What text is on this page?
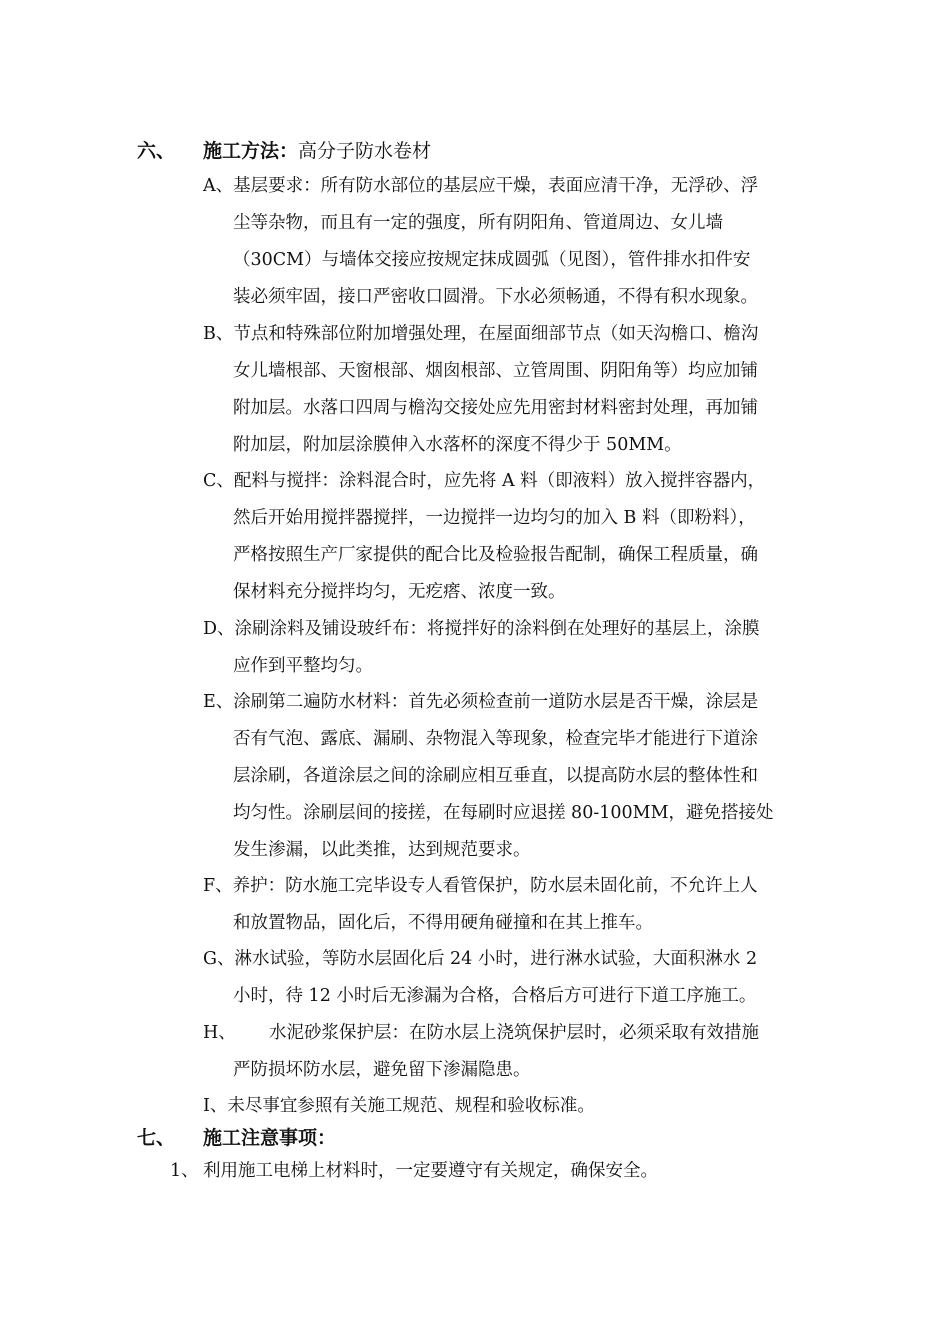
六、 施工方法：高分子防水卷材
A、基层要求：所有防水部位的基层应干燥，表面应清干净，无浮砂、浮
尘等杂物，而且有一定的强度，所有阴阳角、管道周边、女儿墙
（30CM）与墙体交接应按规定抹成圆弧（见图），管件排水扣件安
装必须牢固，接口严密收口圆滑。下水必须畅通，不得有积水现象。
B、节点和特殊部位附加增强处理，在屋面细部节点（如天沟檐口、檐沟
女儿墙根部、天窗根部、烟囱根部、立管周围、阴阳角等）均应加铺
附加层。水落口四周与檐沟交接处应先用密封材料密封处理，再加铺
附加层，附加层涂膜伸入水落杯的深度不得少于 50MM。
C、配料与搅拌：涂料混合时，应先将 A 料（即液料）放入搅拌容器内，
然后开始用搅拌器搅拌，一边搅拌一边均匀的加入 B 料（即粉料），
严格按照生产厂家提供的配合比及检验报告配制，确保工程质量，确
保材料充分搅拌均匀，无疙瘩、浓度一致。
D、涂刷涂料及铺设玻纤布：将搅拌好的涂料倒在处理好的基层上，涂膜
应作到平整均匀。
E、涂刷第二遍防水材料：首先必须检查前一道防水层是否干燥，涂层是
否有气泡、露底、漏刷、杂物混入等现象，检查完毕才能进行下道涂
层涂刷，各道涂层之间的涂刷应相互垂直，以提高防水层的整体性和
均匀性。涂刷层间的接搓，在每刷时应退搓 80-100MM，避免搭接处
发生渗漏，以此类推，达到规范要求。
F、养护：防水施工完毕设专人看管保护，防水层未固化前，不允许上人
和放置物品，固化后，不得用硬角碰撞和在其上推车。
G、淋水试验，等防水层固化后 24 小时，进行淋水试验，大面积淋水 2
小时，待 12 小时后无渗漏为合格，合格后方可进行下道工序施工。
H、 水泥砂浆保护层：在防水层上浇筑保护层时，必须采取有效措施
严防损坏防水层，避免留下渗漏隐患。
I、未尽事宜参照有关施工规范、规程和验收标准。
七、 施工注意事项：
1、 利用施工电梯上材料时，一定要遵守有关规定，确保安全。
